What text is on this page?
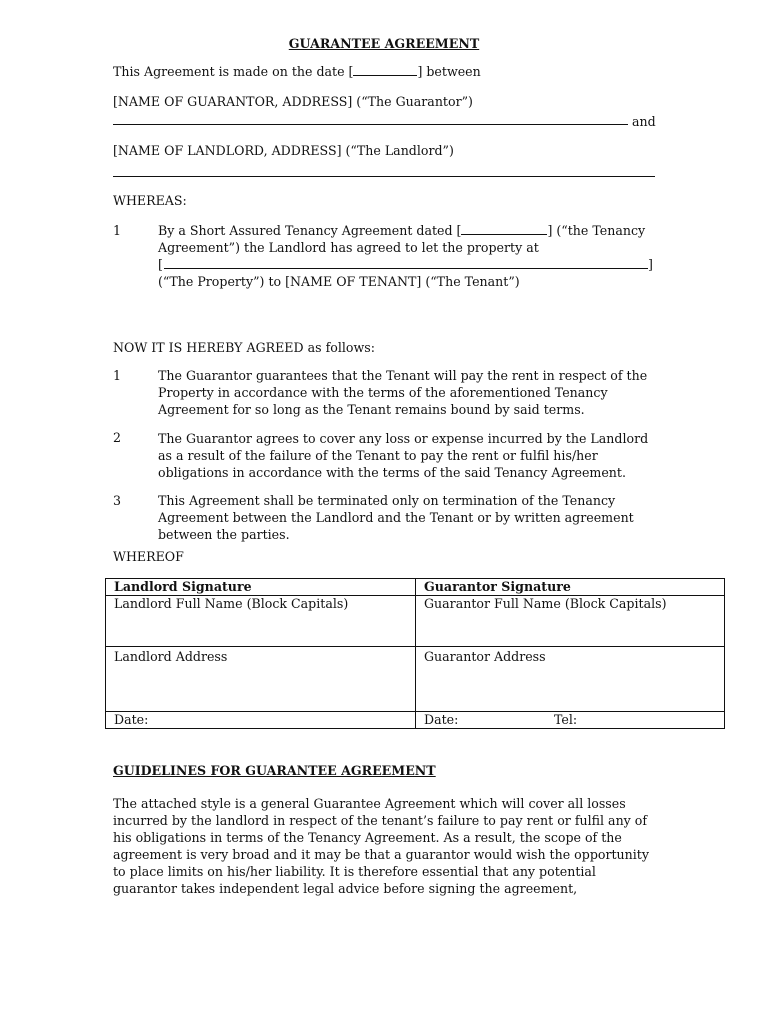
GUARANTEE AGREEMENT
This Agreement is made on the date [	] between
[NAME OF GUARANTOR, ADDRESS] (“The Guarantor”)
and
[NAME OF LANDLORD, ADDRESS] (“The Landlord”)
WHEREAS:
1	By a Short Assured Tenancy Agreement dated [	] (“the Tenancy
Agreement”) the Landlord has agreed to let the property at
[	]
(“The Property”) to [NAME OF TENANT] (“The Tenant”)
NOW IT IS HEREBY AGREED as follows:
1	The Guarantor guarantees that the Tenant will pay the rent in respect of the Property in accordance with the terms of the aforementioned Tenancy Agreement for so long as the Tenant remains bound by said terms.
2	The Guarantor agrees to cover any loss or expense incurred by the Landlord as a result of the failure of the Tenant to pay the rent or fulfil his/her obligations in accordance with the terms of the said Tenancy Agreement.
3	This Agreement shall be terminated only on termination of the Tenancy Agreement between the Landlord and the Tenant or by written agreement between the parties.
WHEREOF
Landlord Signature	Guarantor Signature
Landlord Full Name (Block Capitals)	Guarantor Full Name (Block Capitals)
Landlord Address	Guarantor Address
Date:	Date: Tel:
GUIDELINES FOR GUARANTEE AGREEMENT
The attached style is a general Guarantee Agreement which will cover all losses incurred by the landlord in respect of the tenant’s failure to pay rent or fulfil any of his obligations in terms of the Tenancy Agreement. As a result, the scope of the agreement is very broad and it may be that a guarantor would wish the opportunity to place limits on his/her liability. It is therefore essential that any potential guarantor takes independent legal advice before signing the agreement,
